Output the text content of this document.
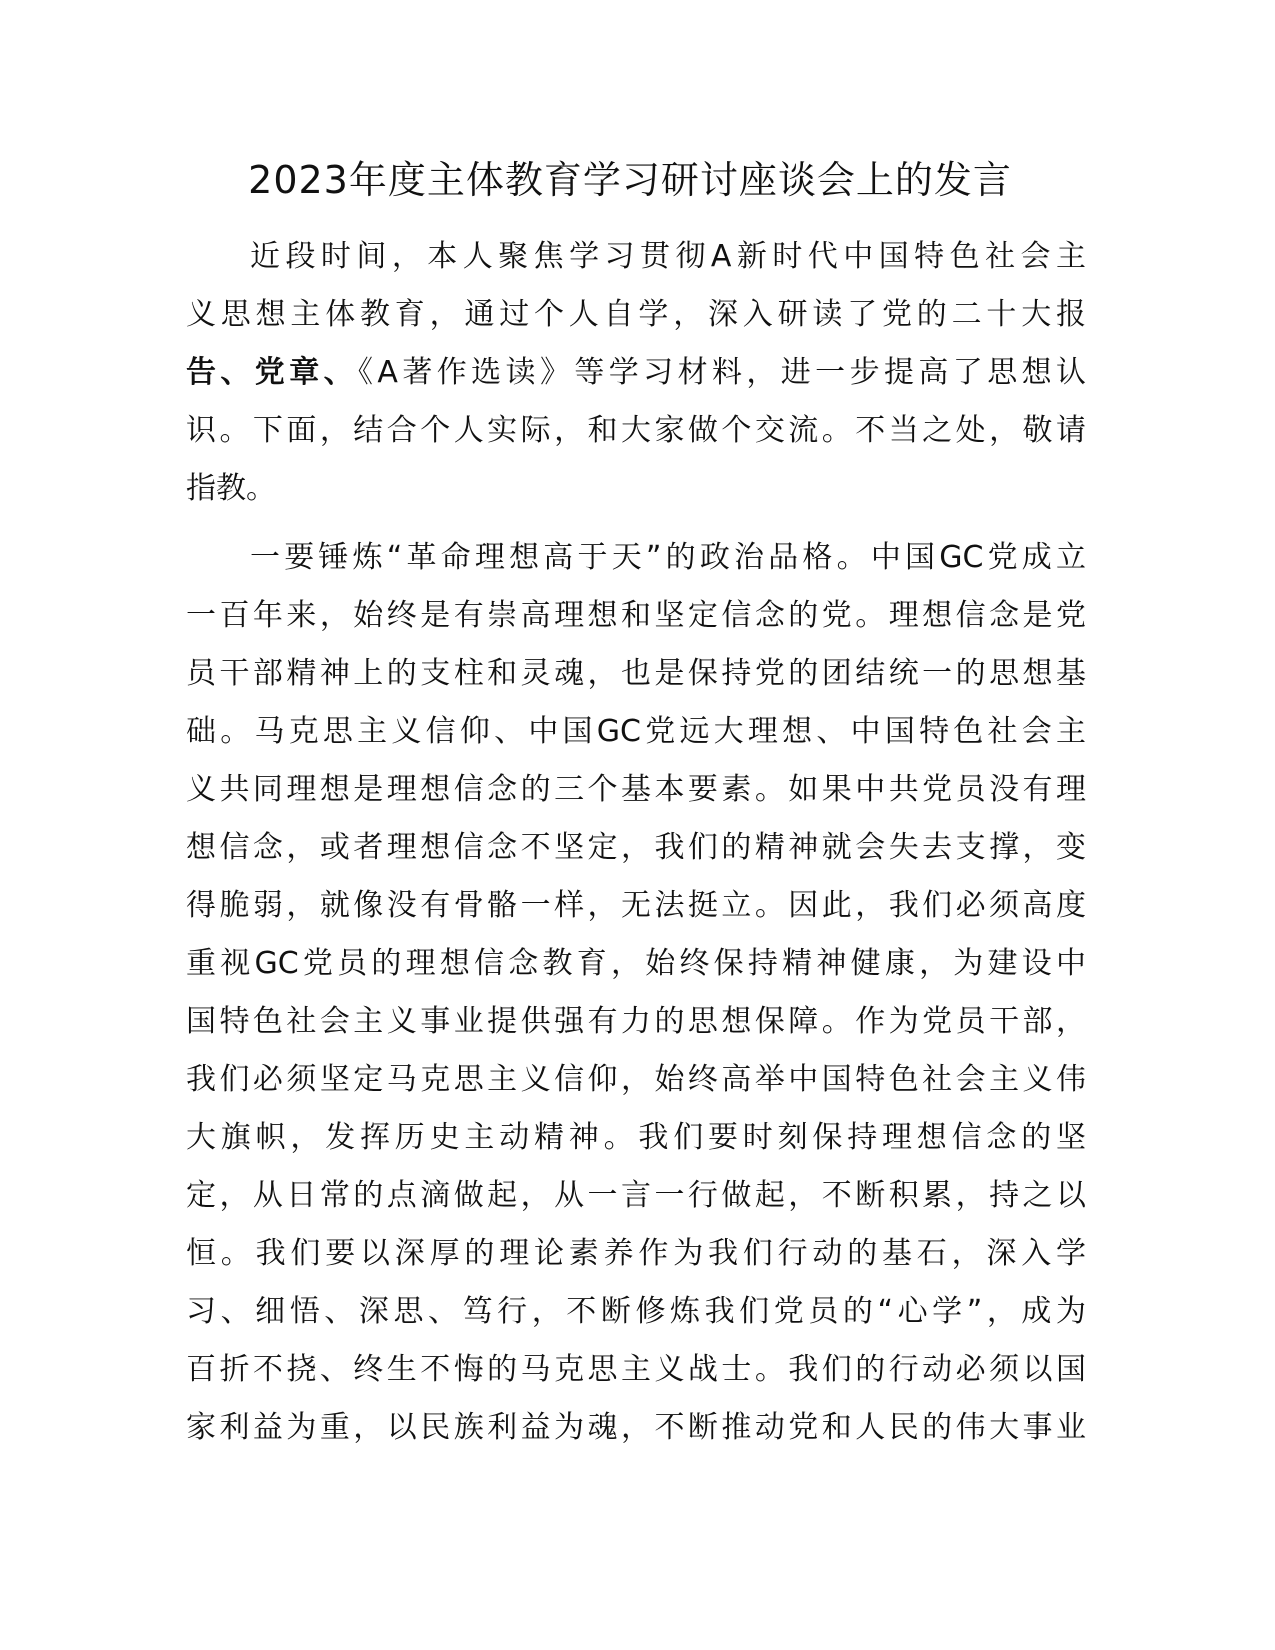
2023年度主体教育学习研讨座谈会上的发言
近段时间，本人聚焦学习贯彻A新时代中国特色社会主
义思想主体教育，通过个人自学，深入研读了党的二十大报
告、党章、《A著作选读》等学习材料，进一步提高了思想认
识。下面，结合个人实际，和大家做个交流。不当之处，敬请
指教。
一要锤炼“革命理想高于天”的政治品格。中国GC党成立
一百年来，始终是有崇高理想和坚定信念的党。理想信念是党
员干部精神上的支柱和灵魂，也是保持党的团结统一的思想基
础。马克思主义信仰、中国GC党远大理想、中国特色社会主
义共同理想是理想信念的三个基本要素。如果中共党员没有理
想信念，或者理想信念不坚定，我们的精神就会失去支撑，变
得脆弱，就像没有骨骼一样，无法挺立。因此，我们必须高度
重视GC党员的理想信念教育，始终保持精神健康，为建设中
国特色社会主义事业提供强有力的思想保障。作为党员干部，
我们必须坚定马克思主义信仰，始终高举中国特色社会主义伟
大旗帜，发挥历史主动精神。我们要时刻保持理想信念的坚
定，从日常的点滴做起，从一言一行做起，不断积累，持之以
恒。我们要以深厚的理论素养作为我们行动的基石，深入学
习、细悟、深思、笃行，不断修炼我们党员的“心学”，成为
百折不挠、终生不悔的马克思主义战士。我们的行动必须以国
家利益为重，以民族利益为魂，不断推动党和人民的伟大事业
